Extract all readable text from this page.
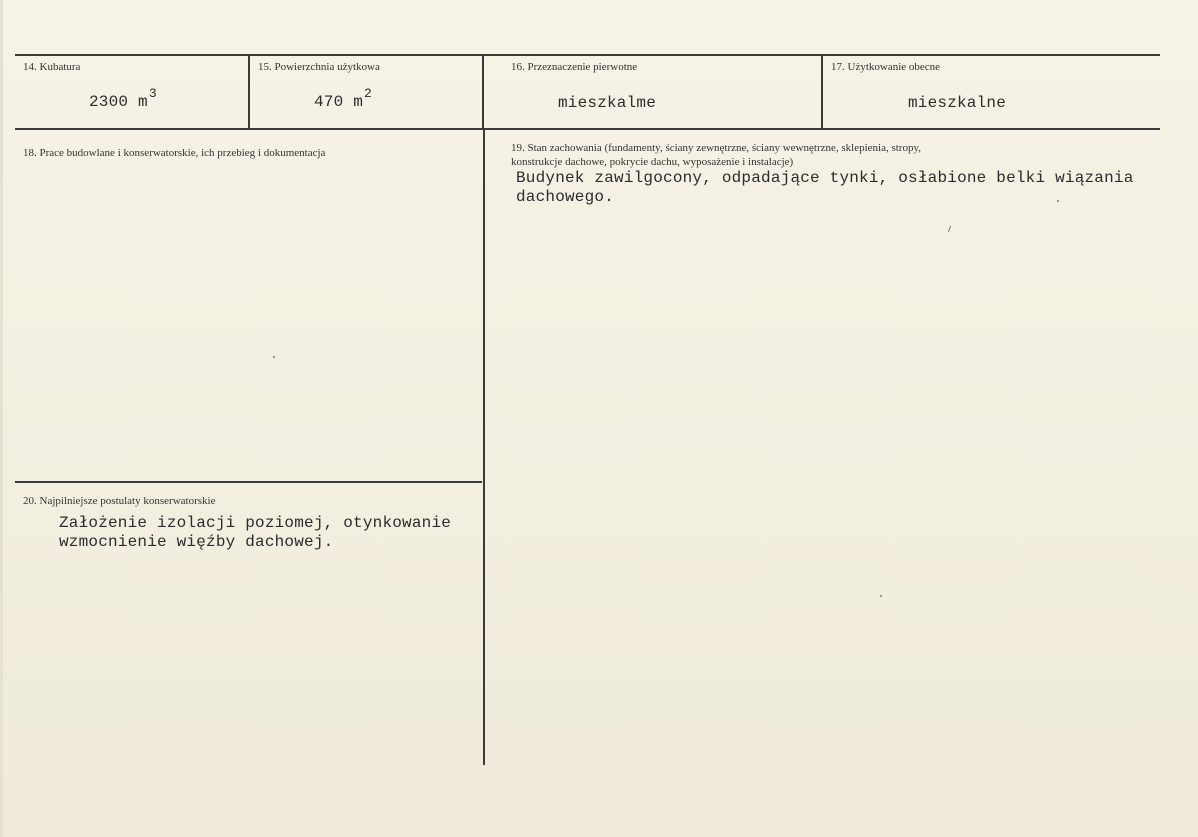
14. Kubatura
2300 $m^3$
15. Powierzchnia użytkowa
470 $m^2$
16. Przeznaczenie pierwotne
mieszkalme
17. Użytkowanie obecne
mieszkalne
18. Prace budowlane i konserwatorskie, ich przebieg i dokumentacja	19. Stan zachowania (fundamenty, ściany zewnętrzne, ściany wewnętrzne, sklepienia, stropy,
konstrukcje dachowe, pokrycie dachu, wyposażenie i instalacje)
Budynek zawilgocony, odpadające tynki, osłabione belki wiązania
dachowego.
20. Najpilniejsze postulaty konserwatorskie
Założenie izolacji poziomej, otynkowanie
wzmocnienie więźby dachowej.
